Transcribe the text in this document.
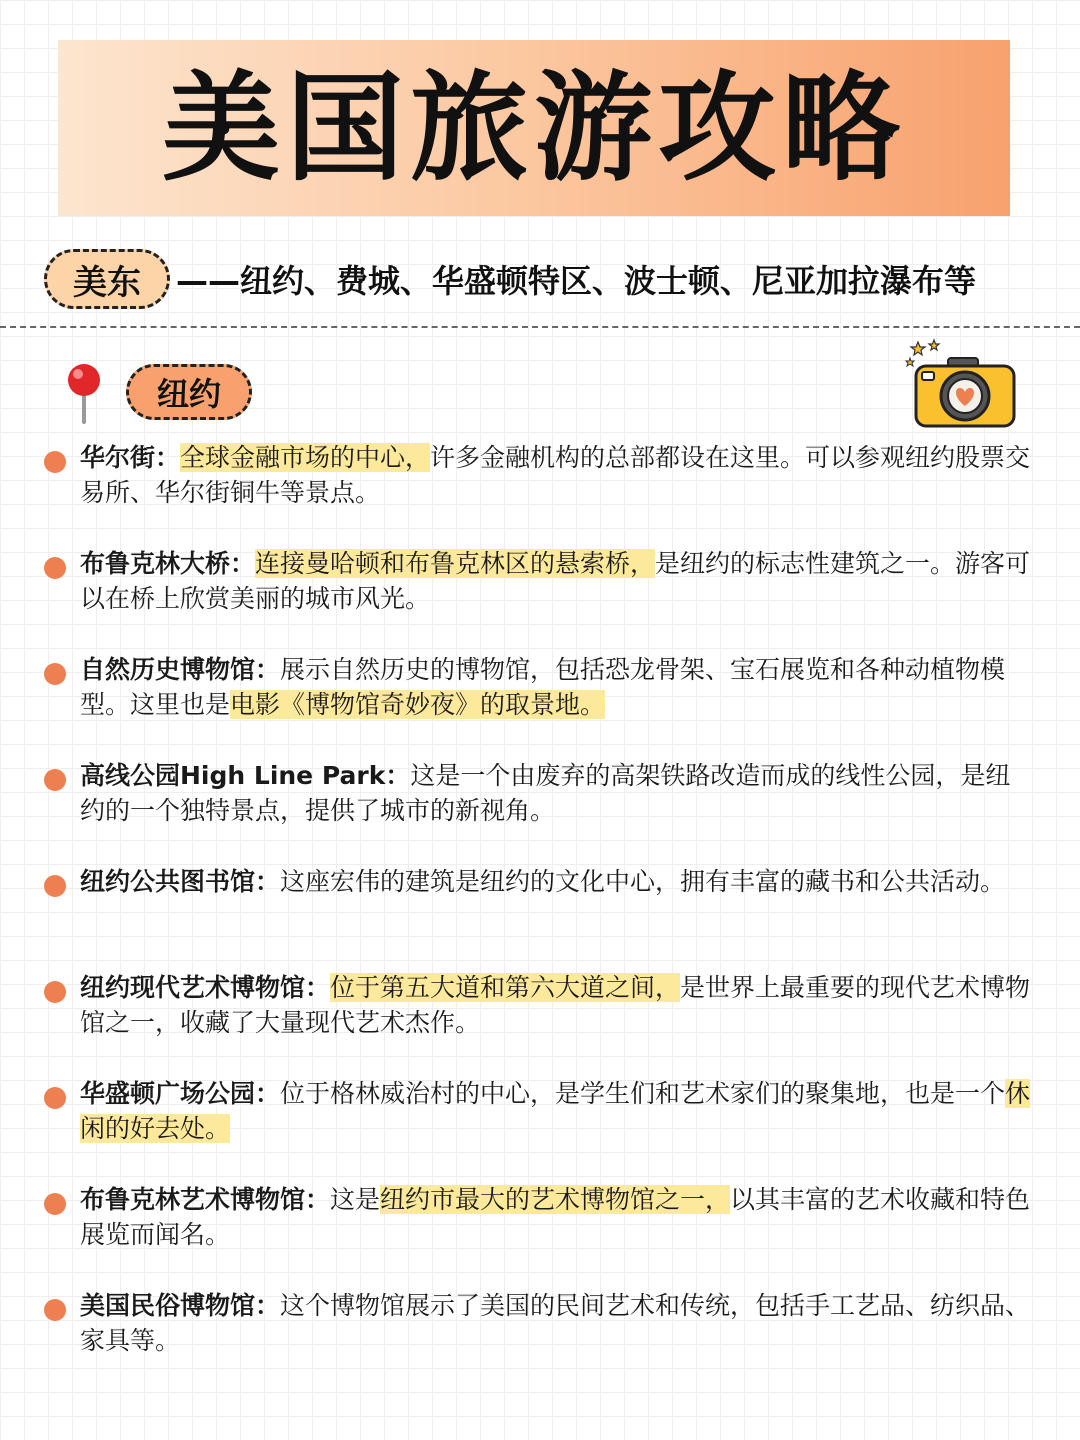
美国旅游攻略
美东	——纽约、费城、华盛顿特区、波士顿、尼亚加拉瀑布等
纽约
华尔街：全球金融市场的中心，许多金融机构的总部都设在这里。可以参观纽约股票交易所、华尔街铜牛等景点。
布鲁克林大桥：连接曼哈顿和布鲁克林区的悬索桥，是纽约的标志性建筑之一。游客可以在桥上欣赏美丽的城市风光。
自然历史博物馆：展示自然历史的博物馆，包括恐龙骨架、宝石展览和各种动植物模型。这里也是电影《博物馆奇妙夜》的取景地。
高线公园High Line Park：这是一个由废弃的高架铁路改造而成的线性公园，是纽约的一个独特景点，提供了城市的新视角。
纽约公共图书馆：这座宏伟的建筑是纽约的文化中心，拥有丰富的藏书和公共活动。
纽约现代艺术博物馆：位于第五大道和第六大道之间，是世界上最重要的现代艺术博物馆之一，收藏了大量现代艺术杰作。
华盛顿广场公园：位于格林威治村的中心，是学生们和艺术家们的聚集地，也是一个休闲的好去处。
布鲁克林艺术博物馆：这是纽约市最大的艺术博物馆之一，以其丰富的艺术收藏和特色展览而闻名。
美国民俗博物馆：这个博物馆展示了美国的民间艺术和传统，包括手工艺品、纺织品、家具等。
